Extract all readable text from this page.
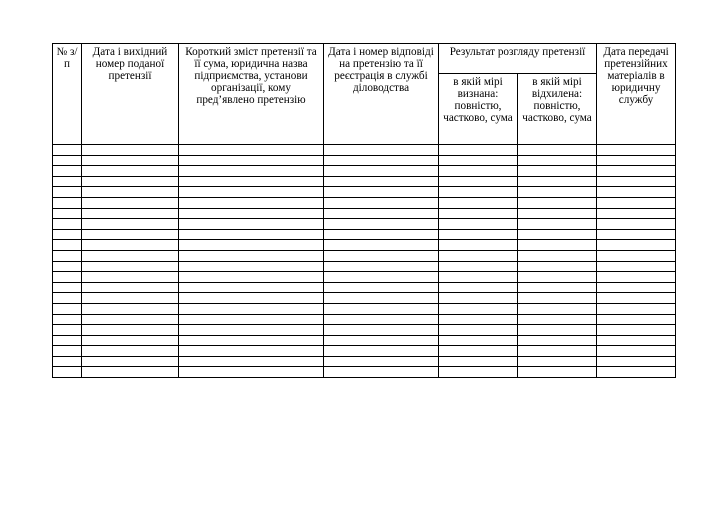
№ з/п	Дата і вихідний номер поданої претензії	Короткий зміст претензії та її сума, юридична назва підприємства, установи організації, кому пред’явлено претензію	Дата і номер відповіді на претензію та її реєстрація в службі діловодства	Результат розгляду претензії		Дата передачі претензійних матеріалів в юридичну службу

				в якій мірі визнана: повністю, частково, сума	в якій мірі відхилена: повністю, частково, сума	
